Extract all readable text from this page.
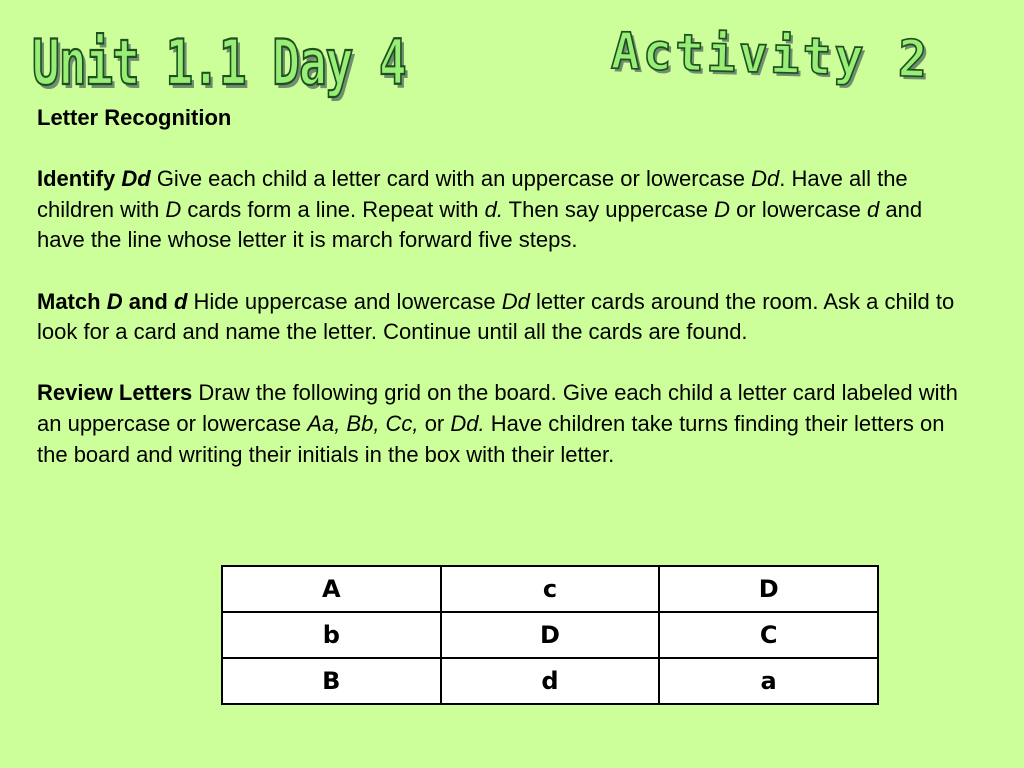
Unit 1.1 Day 4	Activity 2
Letter Recognition

Identify Dd Give each child a letter card with an uppercase or lowercase Dd. Have all the children with D cards form a line. Repeat with d. Then say uppercase D or lowercase d and have the line whose letter it is march forward five steps.

Match D and d Hide uppercase and lowercase Dd letter cards around the room. Ask a child to look for a card and name the letter. Continue until all the cards are found.

Review Letters Draw the following grid on the board. Give each child a letter card labeled with an uppercase or lowercase Aa, Bb, Cc, or Dd. Have children take turns finding their letters on the board and writing their initials in the box with their letter.

A	c	D
b	D	C
B	d	a
